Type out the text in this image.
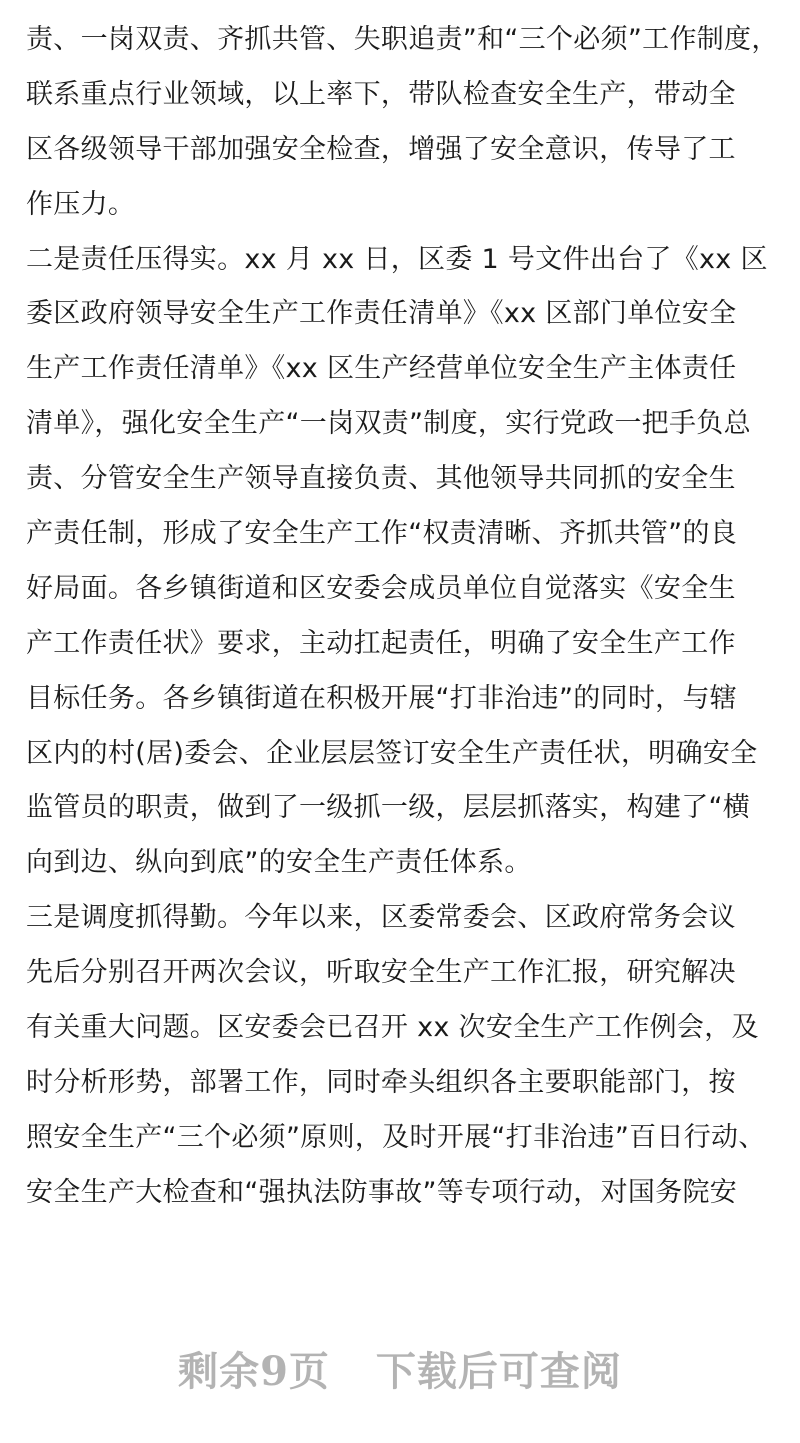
责、一岗双责、齐抓共管、失职追责”和“三个必须”工作制度，
联系重点行业领域，以上率下，带队检查安全生产，带动全
区各级领导干部加强安全检查，增强了安全意识，传导了工
作压力。
二是责任压得实。xx 月 xx 日，区委 1 号文件出台了《xx 区
委区政府领导安全生产工作责任清单》《xx 区部门单位安全
生产工作责任清单》《xx 区生产经营单位安全生产主体责任
清单》，强化安全生产“一岗双责”制度，实行党政一把手负总
责、分管安全生产领导直接负责、其他领导共同抓的安全生
产责任制，形成了安全生产工作“权责清晰、齐抓共管”的良
好局面。各乡镇街道和区安委会成员单位自觉落实《安全生
产工作责任状》要求，主动扛起责任，明确了安全生产工作
目标任务。各乡镇街道在积极开展“打非治违”的同时，与辖
区内的村(居)委会、企业层层签订安全生产责任状，明确安全
监管员的职责，做到了一级抓一级，层层抓落实，构建了“横
向到边、纵向到底”的安全生产责任体系。
三是调度抓得勤。今年以来，区委常委会、区政府常务会议
先后分别召开两次会议，听取安全生产工作汇报，研究解决
有关重大问题。区安委会已召开 xx 次安全生产工作例会，及
时分析形势，部署工作，同时牵头组织各主要职能部门，按
照安全生产“三个必须”原则，及时开展“打非治违”百日行动、
安全生产大检查和“强执法防事故”等专项行动，对国务院安
剩余9页 下载后可查阅
